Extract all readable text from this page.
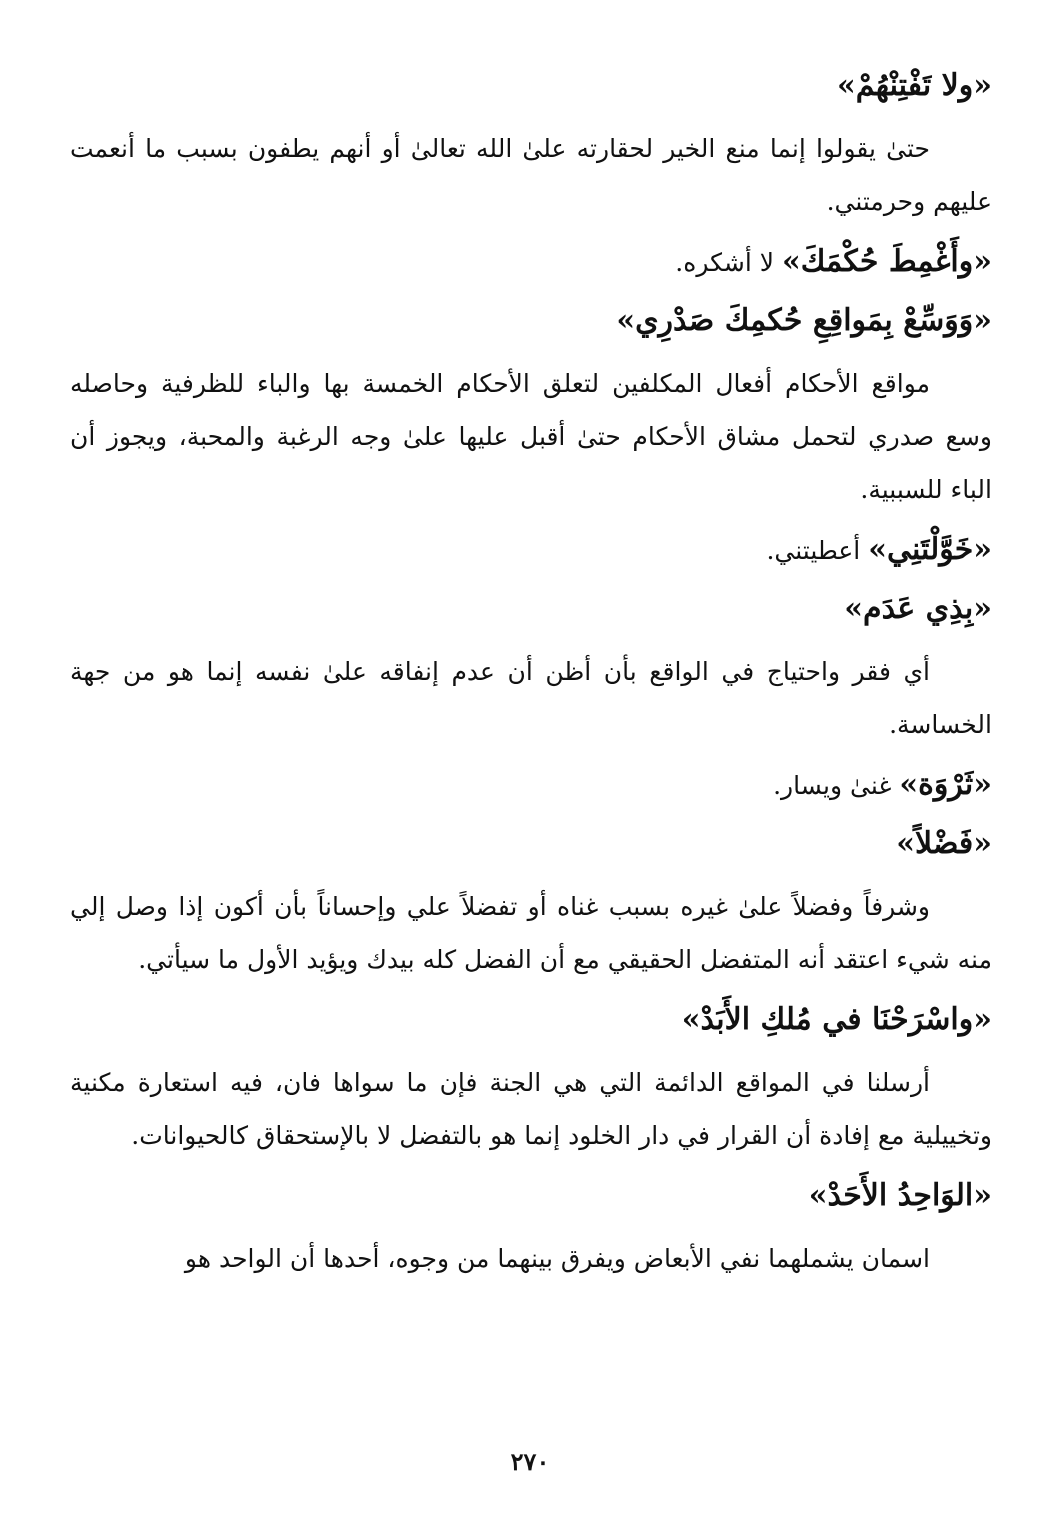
«ولا تَفْتِنْهُمْ»

حتىٰ يقولوا إنما منع الخير لحقارته علىٰ الله تعالىٰ أو أنهم يطفون بسبب ما أنعمت عليهم وحرمتني.

«وأَغْمِطَ حُكْمَكَ» لا أشكره.
«وَوَسِّعْ بِمَواقِعِ حُكمِكَ صَدْرِي»

مواقع الأحكام أفعال المكلفين لتعلق الأحكام الخمسة بها والباء للظرفية وحاصله وسع صدري لتحمل مشاق الأحكام حتىٰ أقبل عليها علىٰ وجه الرغبة والمحبة، ويجوز أن الباء للسببية.

«خَوَّلْتَنِي» أعطيتني.
«بِذِي عَدَم»

أي فقر واحتياج في الواقع بأن أظن أن عدم إنفاقه علىٰ نفسه إنما هو من جهة الخساسة.

«ثَرْوَة» غنىٰ ويسار.
«فَضْلاً»

وشرفاً وفضلاً علىٰ غيره بسبب غناه أو تفضلاً علي وإحساناً بأن أكون إذا وصل إلي منه شيء اعتقد أنه المتفضل الحقيقي مع أن الفضل كله بيدك ويؤيد الأول ما سيأتي.

«واسْرَحْنَا في مُلكِ الأَبَدْ»

أرسلنا في المواقع الدائمة التي هي الجنة فإن ما سواها فان، فيه استعارة مكنية وتخييلية مع إفادة أن القرار في دار الخلود إنما هو بالتفضل لا بالإستحقاق كالحيوانات.

«الوَاحِدُ الأَحَدْ»

اسمان يشملهما نفي الأبعاض ويفرق بينهما من وجوه، أحدها أن الواحد هو

٢٧٠
